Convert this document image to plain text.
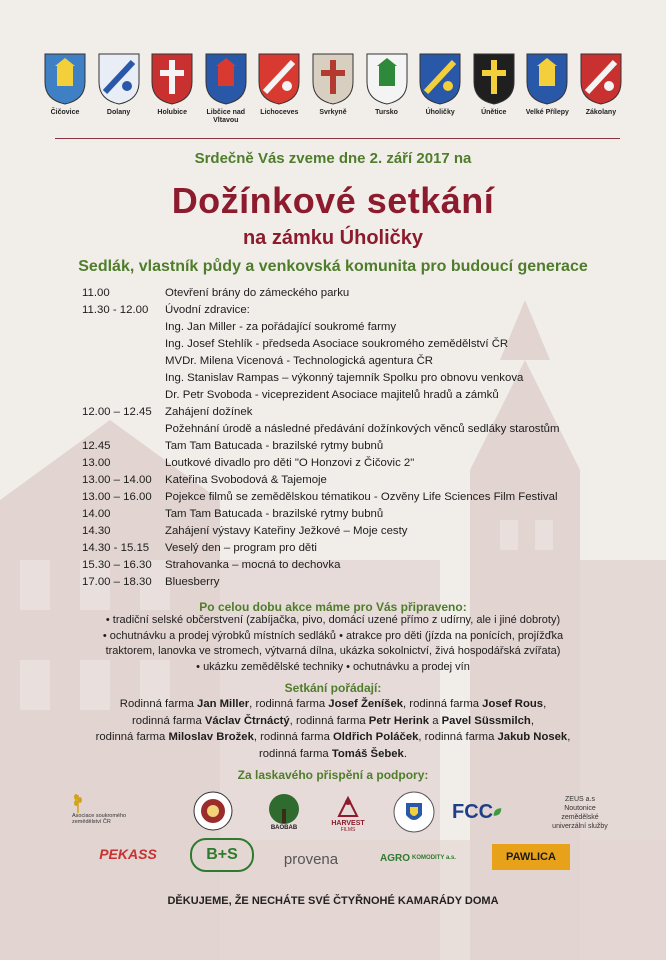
Čičovice	Dolany	Holubice	Libčice nad Vltavou
Lichoceves	Svrkyně	Tursko	Úholičky	Únětice	Velké Přílepy Zákolany
Srdečně Vás zveme dne 2. září 2017 na
Dožínkové setkání
na zámku Úholičky
Sedlák, vlastník půdy a venkovská komunita pro budoucí generace
11.00	Otevření brány do zámeckého parku
11.30 - 12.00	Úvodní zdravice:
Ing. Jan Miller - za pořádající soukromé farmy
Ing. Josef Stehlík - předseda Asociace soukromého zemědělství ČR
MVDr. Milena Vicenová - Technologická agentura ČR
Ing. Stanislav Rampas – výkonný tajemník Spolku pro obnovu venkova
Dr. Petr Svoboda - viceprezident Asociace majitelů hradů a zámků
12.00 – 12.45	Zahájení dožínek
Požehnání úrodě a následné předávání dožínkových věnců sedláky starostům
12.45	Tam Tam Batucada - brazilské rytmy bubnů
13.00	Loutkové divadlo pro děti "O Honzovi z Čičovic 2"
13.00 – 14.00	Kateřina Svobodová & Tajemoje
13.00 – 16.00	Pojekce filmů se zemědělskou tématikou - Ozvěny Life Sciences Film Festival
14.00	Tam Tam Batucada - brazilské rytmy bubnů
14.30	Zahájení výstavy Kateřiny Ježkové – Moje cesty
14.30 - 15.15	Veselý den – program pro děti
15.30 – 16.30	Strahovanka – mocná to dechovka
17.00 – 18.30	Bluesberry
Po celou dobu akce máme pro Vás připraveno:
• tradiční selské občerstvení (zabíjačka, pivo, domácí uzené přímo z udírny, ale i jiné dobroty)
• ochutnávku a prodej výrobků místních sedláků • atrakce pro děti (jízda na ponících, projížďka
traktorem, lanovka ve stromech, výtvarná dílna, ukázka sokolnictví, živá hospodářská zvířata)
• ukázku zemědělské techniky • ochutnávku a prodej vín
Setkání pořádají:
Rodinná farma Jan Miller, rodinná farma Josef Ženíšek, rodinná farma Josef Rous,
rodinná farma Václav Čtrnáctý, rodinná farma Petr Herink a Pavel Süssmilch,
rodinná farma Miloslav Brožek, rodinná farma Oldřich Poláček, rodinná farma Jakub Nosek,
rodinná farma Tomáš Šebek.
Za laskavého přispění a podpory:
Asociace soukromého zemědělství ČR
BAOBAB
HARVEST
FILMS
FCC
ZEUS a.s Noutonice zemědělské univerzální služby
PEKASS	B+S	provena	AGRO KOMODITY a.s.	PAWLICA
DĚKUJEME, ŽE NECHÁTE SVÉ ČTYŘNOHÉ KAMARÁDY DOMA
